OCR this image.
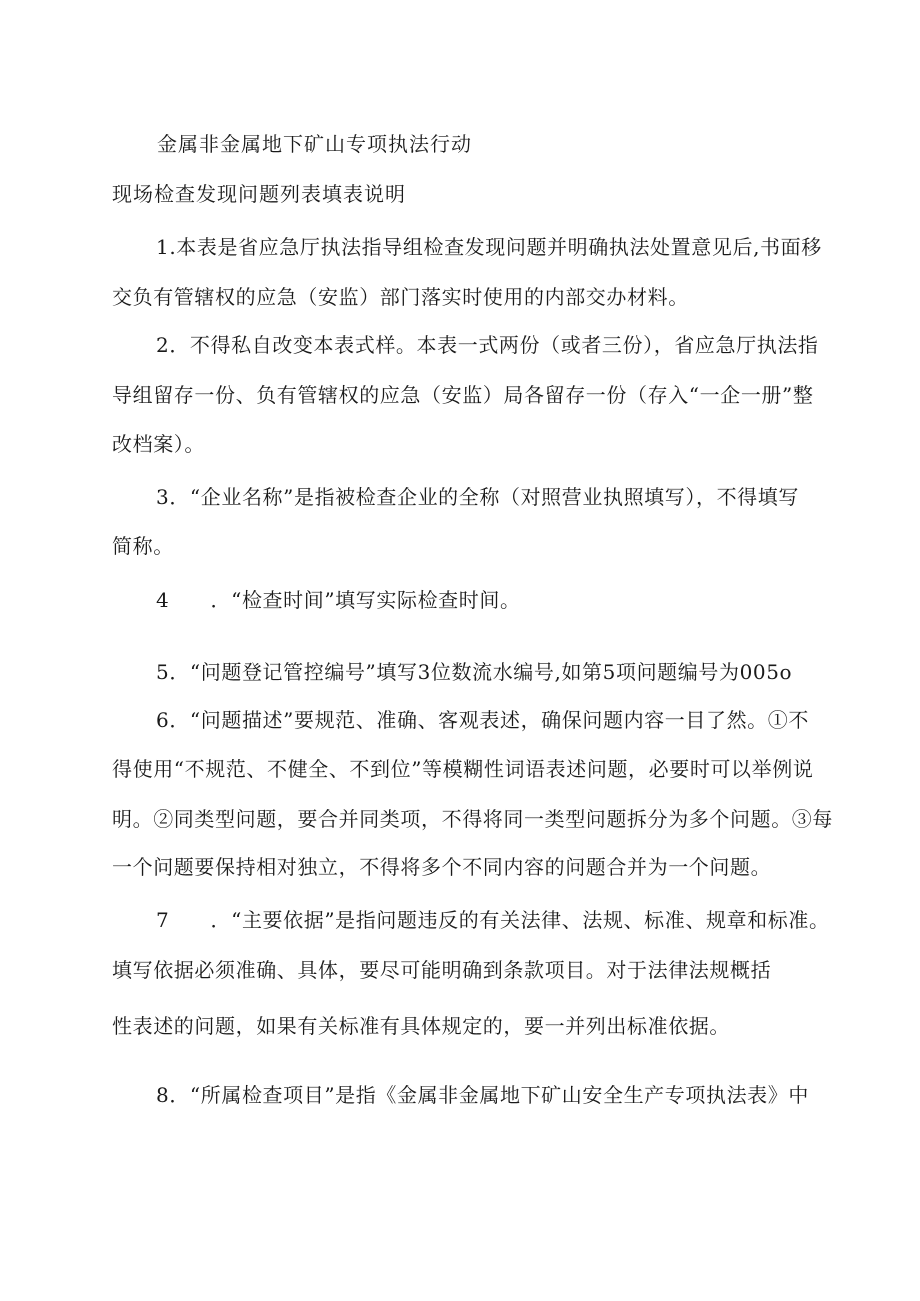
金属非金属地下矿山专项执法行动
现场检查发现问题列表填表说明
1.本表是省应急厅执法指导组检查发现问题并明确执法处置意见后,书面移
交负有管辖权的应急（安监）部门落实时使用的内部交办材料。
2．不得私自改变本表式样。本表一式两份（或者三份），省应急厅执法指
导组留存一份、负有管辖权的应急（安监）局各留存一份（存入“一企一册”整
改档案）。
3．“企业名称”是指被检查企业的全称（对照营业执照填写），不得填写
简称。
4　　．“检查时间”填写实际检查时间。
5．“问题登记管控编号”填写3位数流水编号,如第5项问题编号为005o
6．“问题描述”要规范、准确、客观表述，确保问题内容一目了然。①不
得使用“不规范、不健全、不到位”等模糊性词语表述问题，必要时可以举例说
明。②同类型问题，要合并同类项，不得将同一类型问题拆分为多个问题。③每
一个问题要保持相对独立，不得将多个不同内容的问题合并为一个问题。
7　　．“主要依据”是指问题违反的有关法律、法规、标准、规章和标准。
填写依据必须准确、具体，要尽可能明确到条款项目。对于法律法规概括
性表述的问题，如果有关标准有具体规定的，要一并列出标准依据。
8．“所属检查项目”是指《金属非金属地下矿山安全生产专项执法表》中
